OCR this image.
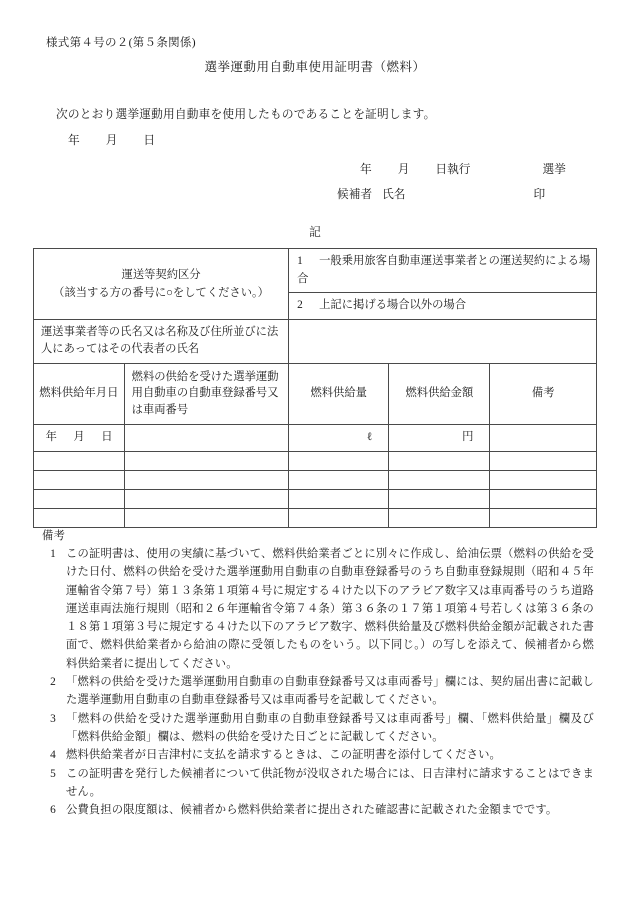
様式第４号の２(第５条関係)
選挙運動用自動車使用証明書（燃料）
次のとおり選挙運動用自動車を使用したものであることを証明します。
年 月 日
年 月 日執行	選挙
候補者 氏名	印
記
運送等契約区分
（該当する方の番号に○をしてください。）		1 一般乗用旅客自動車運送事業者との運送契約による場合		

		2 上記に掲げる場合以外の場合		

運送事業者等の氏名又は名称及び住所並びに法人にあってはその代表者の氏名				

燃料供給年月日	燃料の供給を受けた選挙運動用自動車の自動車登録番号又は車両番号	燃料供給量	燃料供給金額	備考

年 月 日		ℓ	円	

備考
1 この証明書は、使用の実績に基づいて、燃料供給業者ごとに別々に作成し、給油伝票（燃料の供給を受けた日付、燃料の供給を受けた選挙運動用自動車の自動車登録番号のうち自動車登録規則（昭和４５年運輸省令第７号）第１３条第１項第４号に規定する４けた以下のアラビア数字又は車両番号のうち道路運送車両法施行規則（昭和２６年運輸省令第７４条）第３６条の１７第１項第４号若しくは第３６条の１８第１項第３号に規定する４けた以下のアラビア数字、燃料供給量及び燃料供給金額が記載された書面で、燃料供給業者から給油の際に受領したものをいう。以下同じ。）の写しを添えて、候補者から燃料供給業者に提出してください。
2 「燃料の供給を受けた選挙運動用自動車の自動車登録番号又は車両番号」欄には、契約届出書に記載した選挙運動用自動車の自動車登録番号又は車両番号を記載してください。
3 「燃料の供給を受けた選挙運動用自動車の自動車登録番号又は車両番号」欄、「燃料供給量」欄及び「燃料供給金額」欄は、燃料の供給を受けた日ごとに記載してください。
4 燃料供給業者が日吉津村に支払を請求するときは、この証明書を添付してください。
5 この証明書を発行した候補者について供託物が没収された場合には、日吉津村に請求することはできません。
6 公費負担の限度額は、候補者から燃料供給業者に提出された確認書に記載された金額までです。
